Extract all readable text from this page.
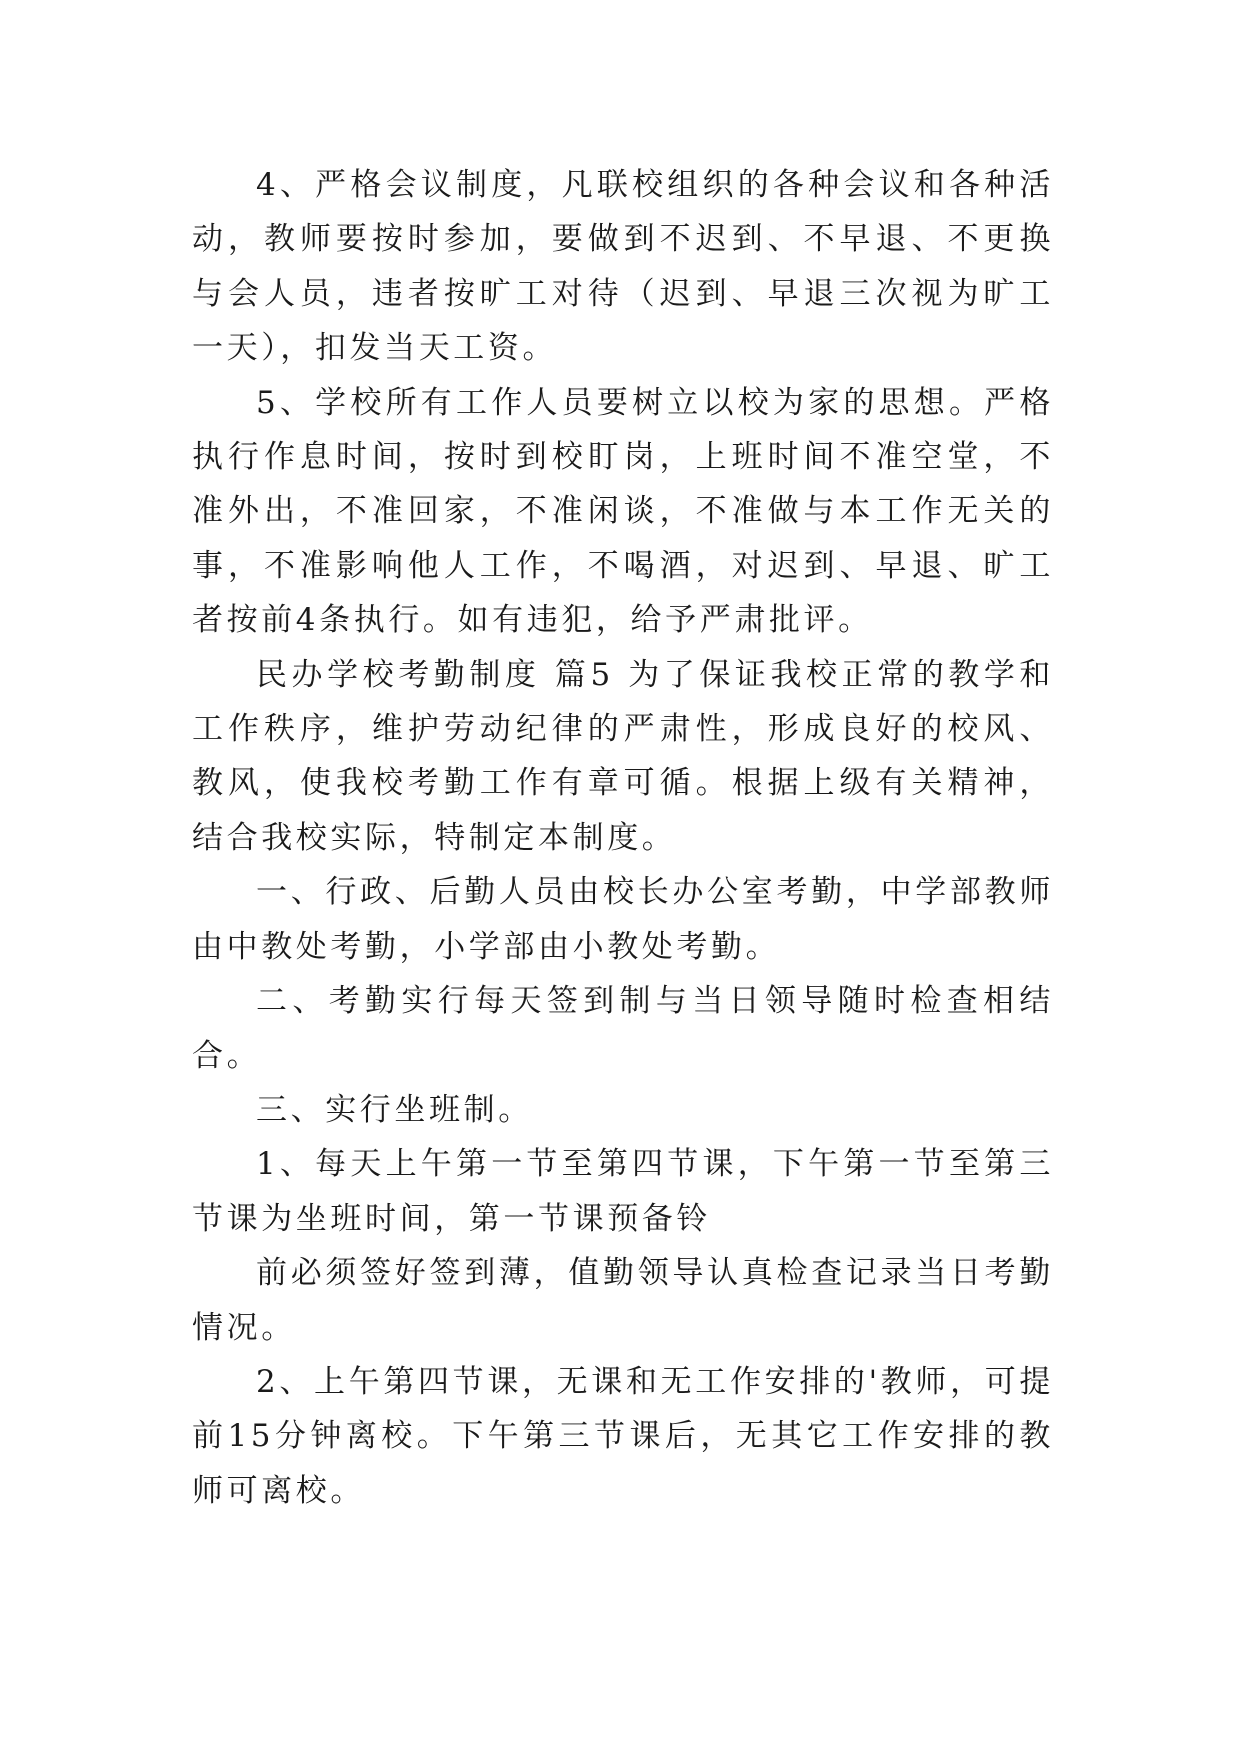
4、严格会议制度，凡联校组织的各种会议和各种活动，教师要按时参加，要做到不迟到、不早退、不更换与会人员，违者按旷工对待（迟到、早退三次视为旷工一天），扣发当天工资。

5、学校所有工作人员要树立以校为家的思想。严格执行作息时间，按时到校盯岗，上班时间不准空堂，不准外出，不准回家，不准闲谈，不准做与本工作无关的事，不准影响他人工作，不喝酒，对迟到、早退、旷工者按前4条执行。如有违犯，给予严肃批评。

民办学校考勤制度 篇5 为了保证我校正常的教学和工作秩序，维护劳动纪律的严肃性，形成良好的校风、教风，使我校考勤工作有章可循。根据上级有关精神，结合我校实际，特制定本制度。

一、行政、后勤人员由校长办公室考勤，中学部教师由中教处考勤，小学部由小教处考勤。

二、考勤实行每天签到制与当日领导随时检查相结合。

三、实行坐班制。

1、每天上午第一节至第四节课，下午第一节至第三节课为坐班时间，第一节课预备铃

前必须签好签到薄，值勤领导认真检查记录当日考勤情况。

2、上午第四节课，无课和无工作安排的'教师，可提前15分钟离校。下午第三节课后，无其它工作安排的教师可离校。
